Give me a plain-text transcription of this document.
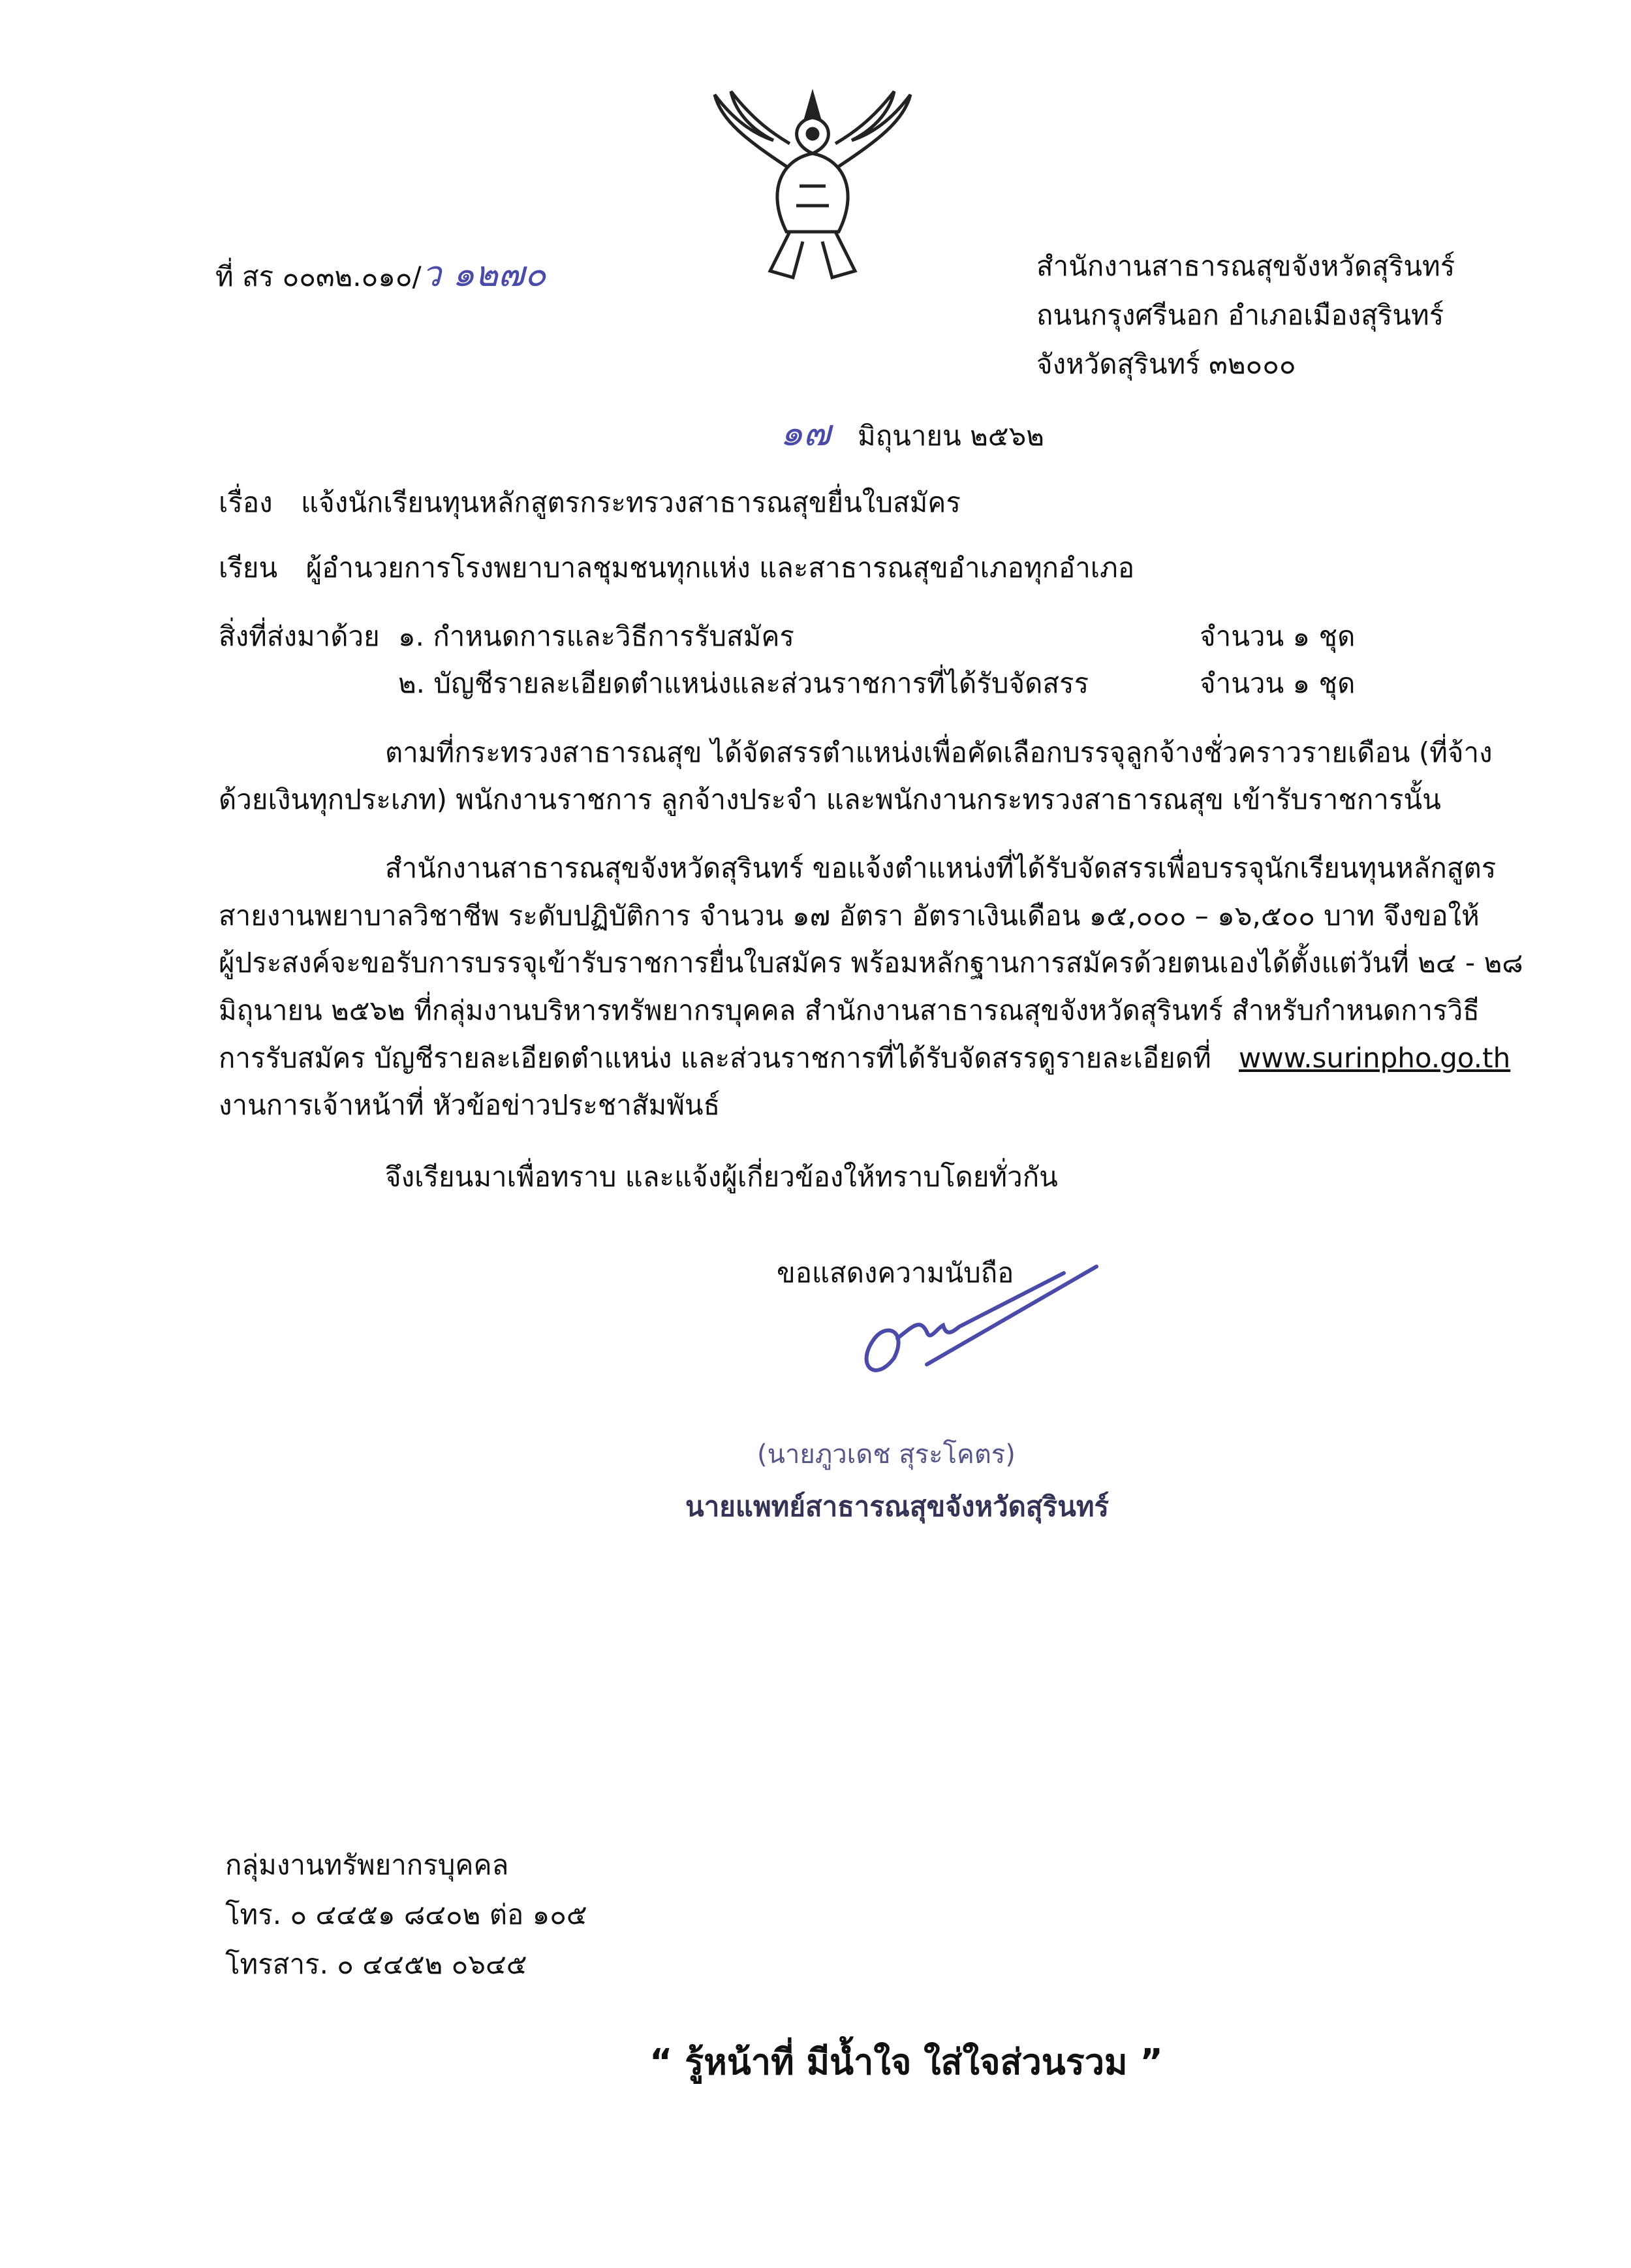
ที่ สร ๐๐๓๒.๐๑๐/ว ๑๒๗๐	สำนักงานสาธารณสุขจังหวัดสุรินทร์
ถนนกรุงศรีนอก อำเภอเมืองสุรินทร์
จังหวัดสุรินทร์ ๓๒๐๐๐
๑๗ มิถุนายน ๒๕๖๒
เรื่อง แจ้งนักเรียนทุนหลักสูตรกระทรวงสาธารณสุขยื่นใบสมัคร
เรียน ผู้อำนวยการโรงพยาบาลชุมชนทุกแห่ง และสาธารณสุขอำเภอทุกอำเภอ
สิ่งที่ส่งมาด้วย ๑. กำหนดการและวิธีการรับสมัคร	จำนวน ๑ ชุด
๒. บัญชีรายละเอียดตำแหน่งและส่วนราชการที่ได้รับจัดสรร	จำนวน ๑ ชุด
ตามที่กระทรวงสาธารณสุข ได้จัดสรรตำแหน่งเพื่อคัดเลือกบรรจุลูกจ้างชั่วคราวรายเดือน (ที่จ้าง
ด้วยเงินทุกประเภท) พนักงานราชการ ลูกจ้างประจำ และพนักงานกระทรวงสาธารณสุข เข้ารับราชการนั้น
สำนักงานสาธารณสุขจังหวัดสุรินทร์ ขอแจ้งตำแหน่งที่ได้รับจัดสรรเพื่อบรรจุนักเรียนทุนหลักสูตร
สายงานพยาบาลวิชาชีพ ระดับปฏิบัติการ จำนวน ๑๗ อัตรา อัตราเงินเดือน ๑๕,๐๐๐ – ๑๖,๕๐๐ บาท จึงขอให้
ผู้ประสงค์จะขอรับการบรรจุเข้ารับราชการยื่นใบสมัคร พร้อมหลักฐานการสมัครด้วยตนเองได้ตั้งแต่วันที่ ๒๔ - ๒๘
มิถุนายน ๒๕๖๒ ที่กลุ่มงานบริหารทรัพยากรบุคคล สำนักงานสาธารณสุขจังหวัดสุรินทร์ สำหรับกำหนดการวิธี
การรับสมัคร บัญชีรายละเอียดตำแหน่ง และส่วนราชการที่ได้รับจัดสรรดูรายละเอียดที่ www.surinpho.go.th
งานการเจ้าหน้าที่ หัวข้อข่าวประชาสัมพันธ์
จึงเรียนมาเพื่อทราบ และแจ้งผู้เกี่ยวข้องให้ทราบโดยทั่วกัน
ขอแสดงความนับถือ
(นายภูวเดช สุระโคตร)
นายแพทย์สาธารณสุขจังหวัดสุรินทร์
กลุ่มงานทรัพยากรบุคคล
โทร. ๐ ๔๔๕๑ ๘๔๐๒ ต่อ ๑๐๕
โทรสาร. ๐ ๔๔๕๒ ๐๖๔๕
“ รู้หน้าที่ มีน้ำใจ ใส่ใจส่วนรวม ”
